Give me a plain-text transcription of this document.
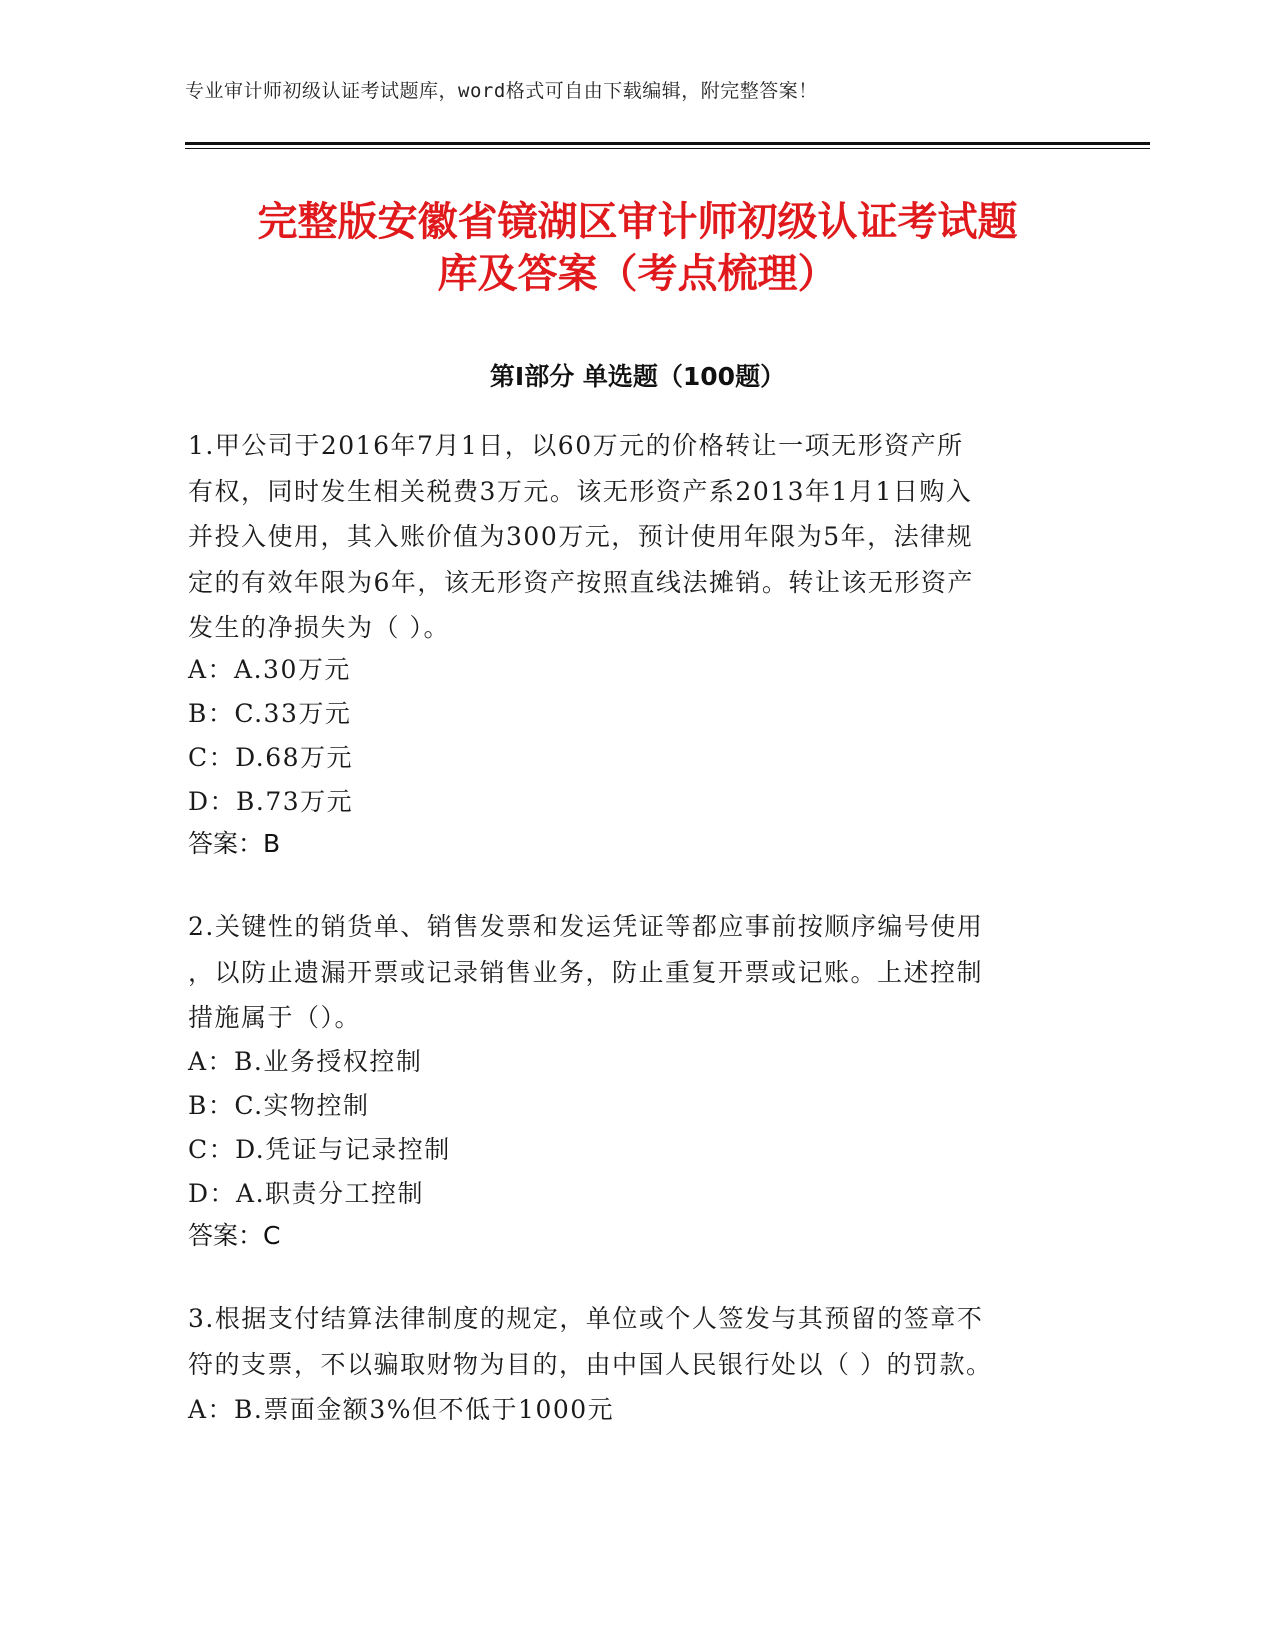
专业审计师初级认证考试题库，word格式可自由下载编辑，附完整答案！
完整版安徽省镜湖区审计师初级认证考试题
库及答案（考点梳理）
第Ⅰ部分 单选题（100题）
1.甲公司于2016年7月1日，以60万元的价格转让一项无形资产所
有权，同时发生相关税费3万元。该无形资产系2013年1月1日购入
并投入使用，其入账价值为300万元，预计使用年限为5年，法律规
定的有效年限为6年，该无形资产按照直线法摊销。转让该无形资产
发生的净损失为（ ）。
A：A.30万元
B：C.33万元
C：D.68万元
D：B.73万元
答案：B
2.关键性的销货单、销售发票和发运凭证等都应事前按顺序编号使用
，以防止遗漏开票或记录销售业务，防止重复开票或记账。上述控制
措施属于（）。
A：B.业务授权控制
B：C.实物控制
C：D.凭证与记录控制
D：A.职责分工控制
答案：C
3.根据支付结算法律制度的规定，单位或个人签发与其预留的签章不
符的支票，不以骗取财物为目的，由中国人民银行处以（ ）的罚款。
A：B.票面金额3%但不低于1000元
